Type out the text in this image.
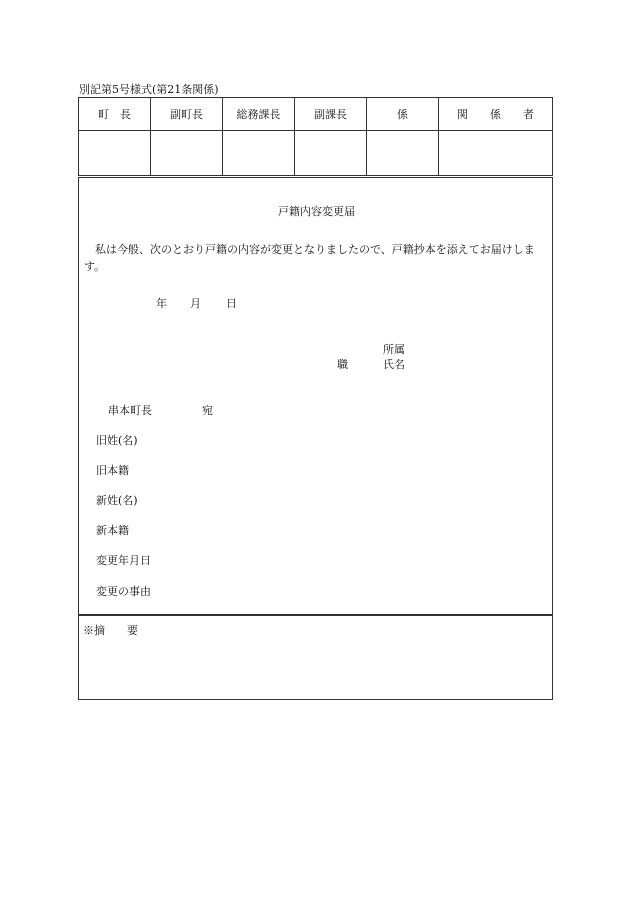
別記第5号様式(第21条関係)
町　長	副町長	総務課長	副課長	係	関　　係　　者

戸籍内容変更届
私は今般、次のとおり戸籍の内容が変更となりましたので、戸籍抄本を添えてお届けします。
年 月 日
所属
職	氏名
串本町長	宛
旧姓(名)
旧本籍
新姓(名)
新本籍
変更年月日
変更の事由
※摘　　要
